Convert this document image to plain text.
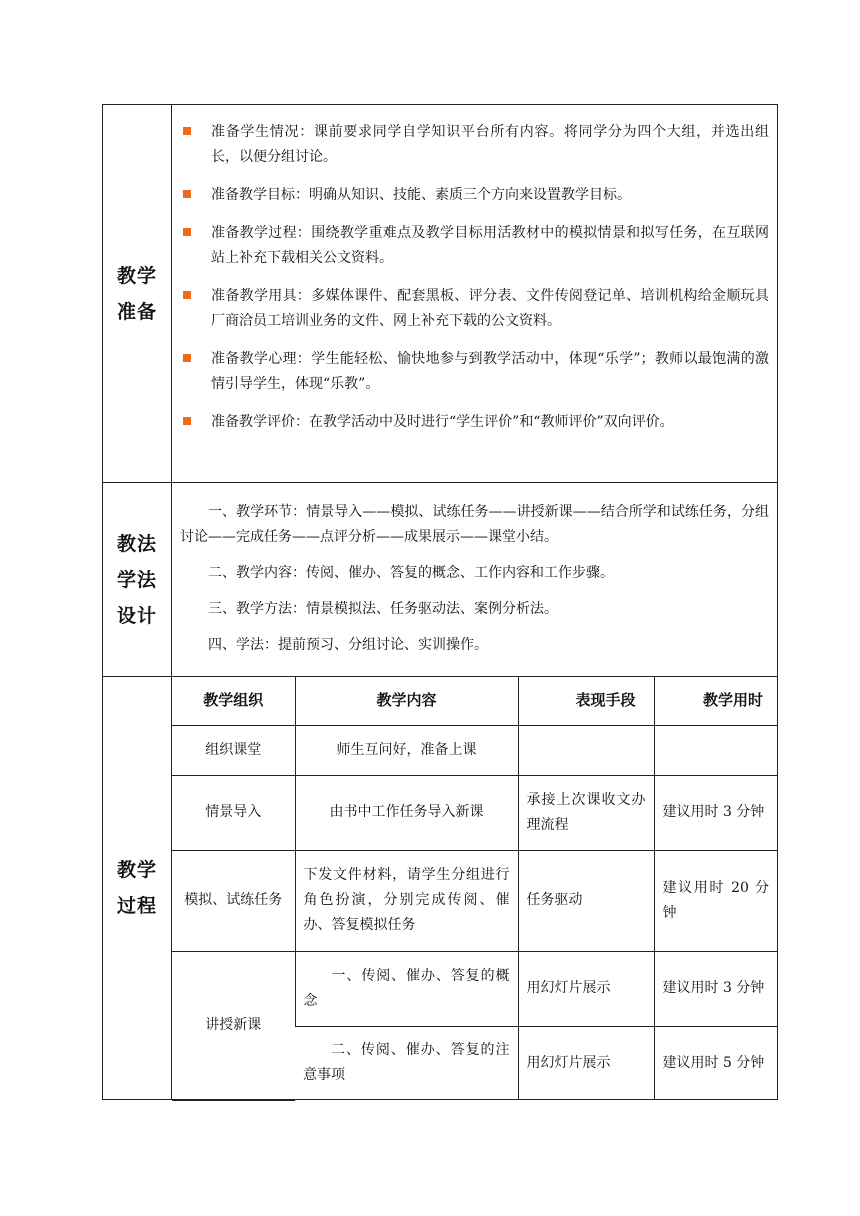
教学准备
准备学生情况：课前要求同学自学知识平台所有内容。将同学分为四个大组，并选出组长，以便分组讨论。
准备教学目标：明确从知识、技能、素质三个方向来设置教学目标。
准备教学过程：围绕教学重难点及教学目标用活教材中的模拟情景和拟写任务，在互联网站上补充下载相关公文资料。
准备教学用具：多媒体课件、配套黑板、评分表、文件传阅登记单、培训机构给金顺玩具厂商洽员工培训业务的文件、网上补充下载的公文资料。
准备教学心理：学生能轻松、愉快地参与到教学活动中，体现“乐学”；教师以最饱满的激情引导学生，体现“乐教”。
准备教学评价：在教学活动中及时进行“学生评价”和“教师评价”双向评价。
教法学法设计

一、教学环节：情景导入——模拟、试练任务——讲授新课——结合所学和试练任务，分组讨论——完成任务——点评分析——成果展示——课堂小结。

二、教学内容：传阅、催办、答复的概念、工作内容和工作步骤。

三、教学方法：情景模拟法、任务驱动法、案例分析法。

四、学法：提前预习、分组讨论、实训操作。

教学过程
教学组织	教学内容	表现手段	教学用时
组织课堂	师生互问好，准备上课		
情景导入	由书中工作任务导入新课	承接上次课收文办理流程	建议用时 3 分钟
模拟、试练任务	下发文件材料，请学生分组进行角色扮演，分别完成传阅、催办、答复模拟任务	任务驱动	建议用时 20 分钟
讲授新课	一、传阅、催办、答复的概念	用幻灯片展示	建议用时 3 分钟
	二、传阅、催办、答复的注意事项	用幻灯片展示	建议用时 5 分钟
